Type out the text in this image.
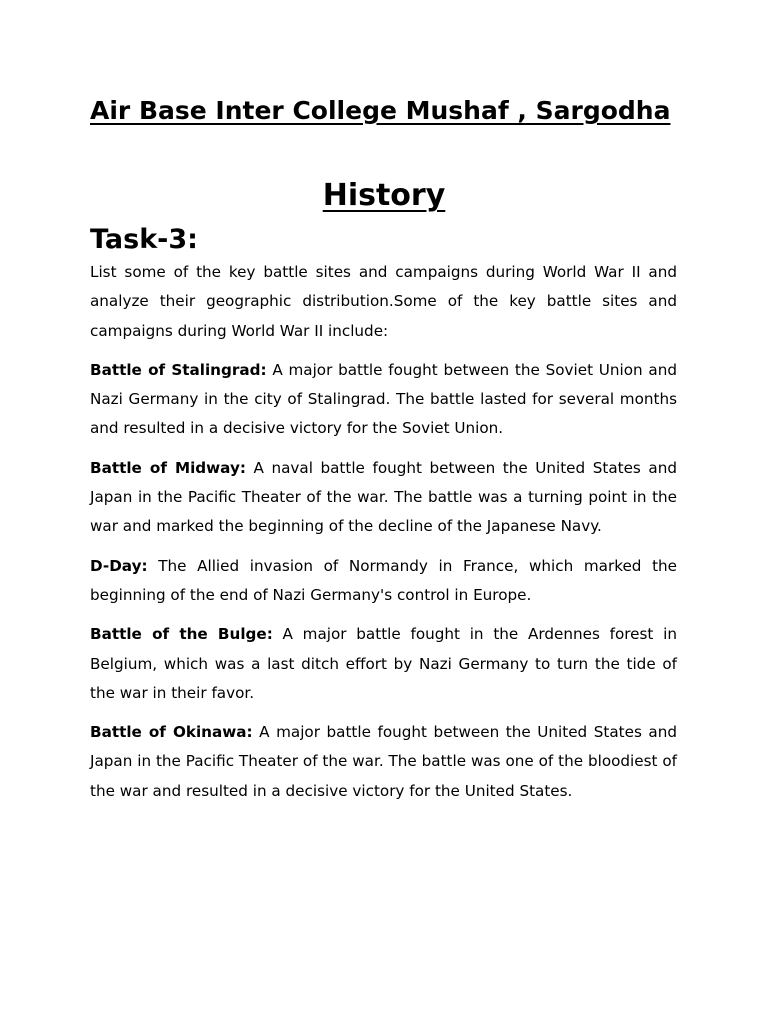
Air Base Inter College Mushaf , Sargodha
History
Task-3:

List some of the key battle sites and campaigns during World War II and analyze their geographic distribution.Some of the key battle sites and campaigns during World War II include:

Battle of Stalingrad: A major battle fought between the Soviet Union and Nazi Germany in the city of Stalingrad. The battle lasted for several months and resulted in a decisive victory for the Soviet Union.

Battle of Midway: A naval battle fought between the United States and Japan in the Pacific Theater of the war. The battle was a turning point in the war and marked the beginning of the decline of the Japanese Navy.

D-Day: The Allied invasion of Normandy in France, which marked the beginning of the end of Nazi Germany's control in Europe.

Battle of the Bulge: A major battle fought in the Ardennes forest in Belgium, which was a last ditch effort by Nazi Germany to turn the tide of the war in their favor.

Battle of Okinawa: A major battle fought between the United States and Japan in the Pacific Theater of the war. The battle was one of the bloodiest of the war and resulted in a decisive victory for the United States.
